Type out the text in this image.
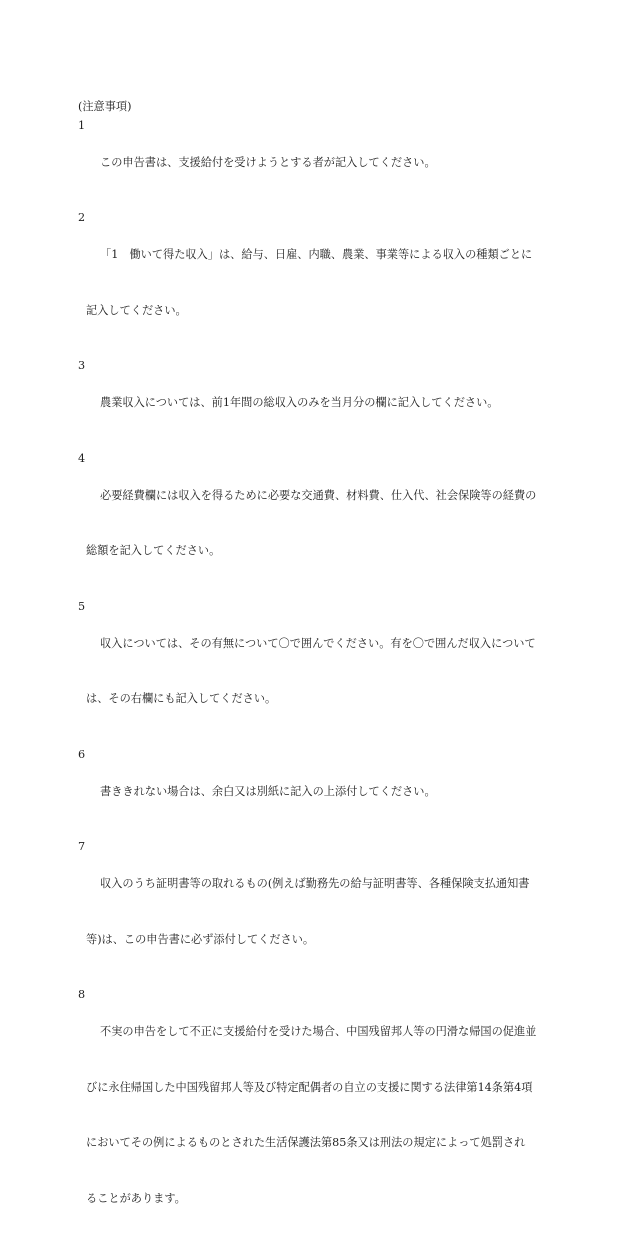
(注意事項)
1

この申告書は、支援給付を受けようとする者が記入してください。

2

「1　働いて得た収入」は、給与、日雇、内職、農業、事業等による収入の種類ごとに

記入してください。

3

農業収入については、前1年間の総収入のみを当月分の欄に記入してください。

4

必要経費欄には収入を得るために必要な交通費、材料費、仕入代、社会保険等の経費の

総額を記入してください。

5

収入については、その有無について〇で囲んでください。有を〇で囲んだ収入について

は、その右欄にも記入してください。

6

書ききれない場合は、余白又は別紙に記入の上添付してください。

7

収入のうち証明書等の取れるもの(例えば勤務先の給与証明書等、各種保険支払通知書

等)は、この申告書に必ず添付してください。

8

不実の申告をして不正に支援給付を受けた場合、中国残留邦人等の円滑な帰国の促進並

びに永住帰国した中国残留邦人等及び特定配偶者の自立の支援に関する法律第14条第4項

においてその例によるものとされた生活保護法第85条又は刑法の規定によって処罰され

ることがあります。
